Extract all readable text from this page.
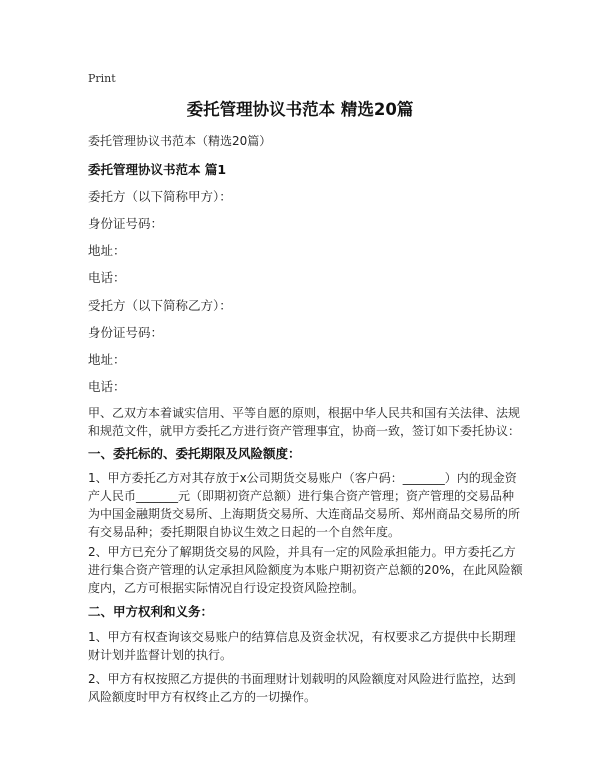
Print
委托管理协议书范本 精选20篇
委托管理协议书范本（精选20篇）
委托管理协议书范本 篇1
委托方（以下简称甲方）：
身份证号码：
地址：
电话：
受托方（以下简称乙方）：
身份证号码：
地址：
电话：
甲、乙双方本着诚实信用、平等自愿的原则，根据中华人民共和国有关法律、法规
和规范文件，就甲方委托乙方进行资产管理事宜，协商一致，签订如下委托协议：
一、委托标的、委托期限及风险额度：
1、甲方委托乙方对其存放于x公司期货交易账户（客户码：_______）内的现金资
产人民币_______元（即期初资产总额）进行集合资产管理；资产管理的交易品种
为中国金融期货交易所、上海期货交易所、大连商品交易所、郑州商品交易所的所
有交易品种；委托期限自协议生效之日起的一个自然年度。
2、甲方已充分了解期货交易的风险，并具有一定的风险承担能力。甲方委托乙方
进行集合资产管理的认定承担风险额度为本账户期初资产总额的20%，在此风险额
度内，乙方可根据实际情况自行设定投资风险控制。
二、甲方权利和义务：
1、甲方有权查询该交易账户的结算信息及资金状况，有权要求乙方提供中长期理
财计划并监督计划的执行。
2、甲方有权按照乙方提供的书面理财计划载明的风险额度对风险进行监控，达到
风险额度时甲方有权终止乙方的一切操作。
